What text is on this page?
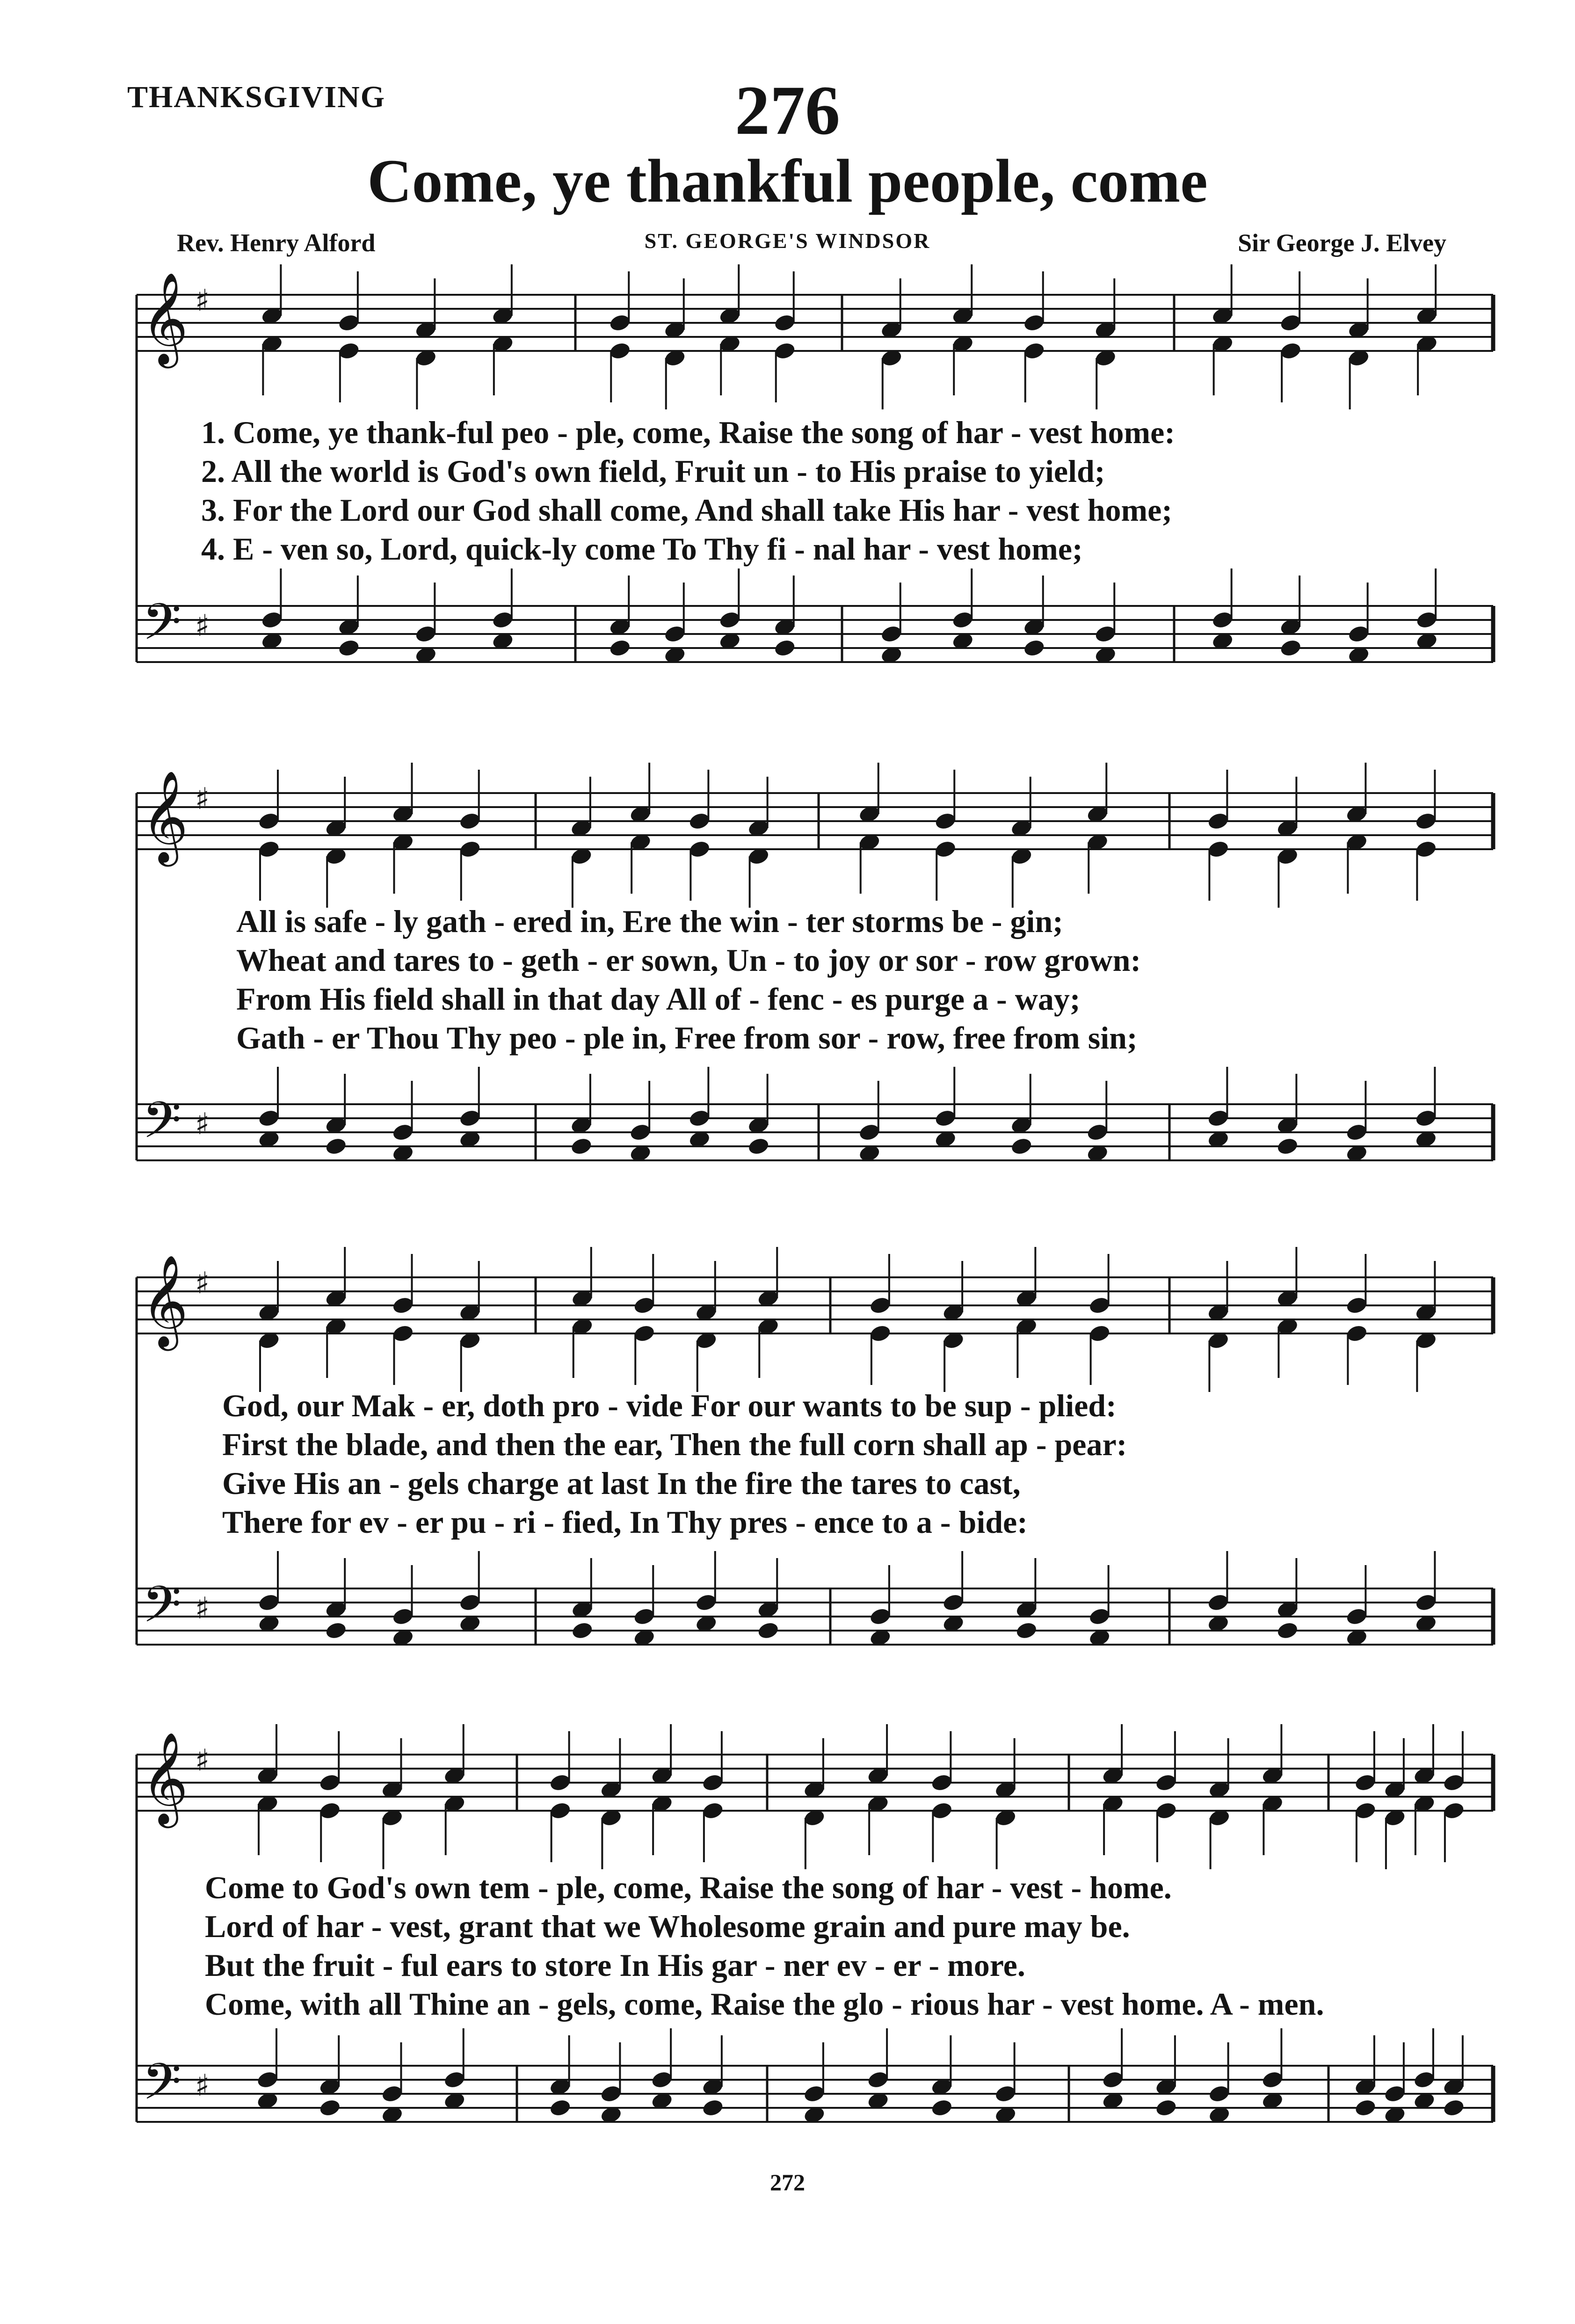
THANKSGIVING	276
Come, ye thankful people, come
Rev. Henry Alford	ST. GEORGE'S WINDSOR	Sir George J. Elvey
𝄞
𝄢
♯
♯
1. Come, ye thank-ful peo - ple, come, Raise the song of har - vest home:
2. All the world is God's own field, Fruit un - to His praise to yield;
3. For the Lord our God shall come, And shall take His har - vest home;
4. E - ven so, Lord, quick-ly come To Thy fi - nal har - vest home;
𝄞
𝄢
♯
♯
All is safe - ly gath - ered in, Ere the win - ter storms be - gin;
Wheat and tares to - geth - er sown, Un - to joy or sor - row grown:
From His field shall in that day All of - fenc - es purge a - way;
Gath - er Thou Thy peo - ple in, Free from sor - row, free from sin;
𝄞
𝄢
♯
♯
God, our Mak - er, doth pro - vide For our wants to be sup - plied:
First the blade, and then the ear, Then the full corn shall ap - pear:
Give His an - gels charge at last In the fire the tares to cast,
There for ev - er pu - ri - fied, In Thy pres - ence to a - bide:
𝄞
𝄢
♯
♯
Come to God's own tem - ple, come, Raise the song of har - vest - home.
Lord of har - vest, grant that we Wholesome grain and pure may be.
But the fruit - ful ears to store In His gar - ner ev - er - more.
Come, with all Thine an - gels, come, Raise the glo - rious har - vest home. A - men.
272
